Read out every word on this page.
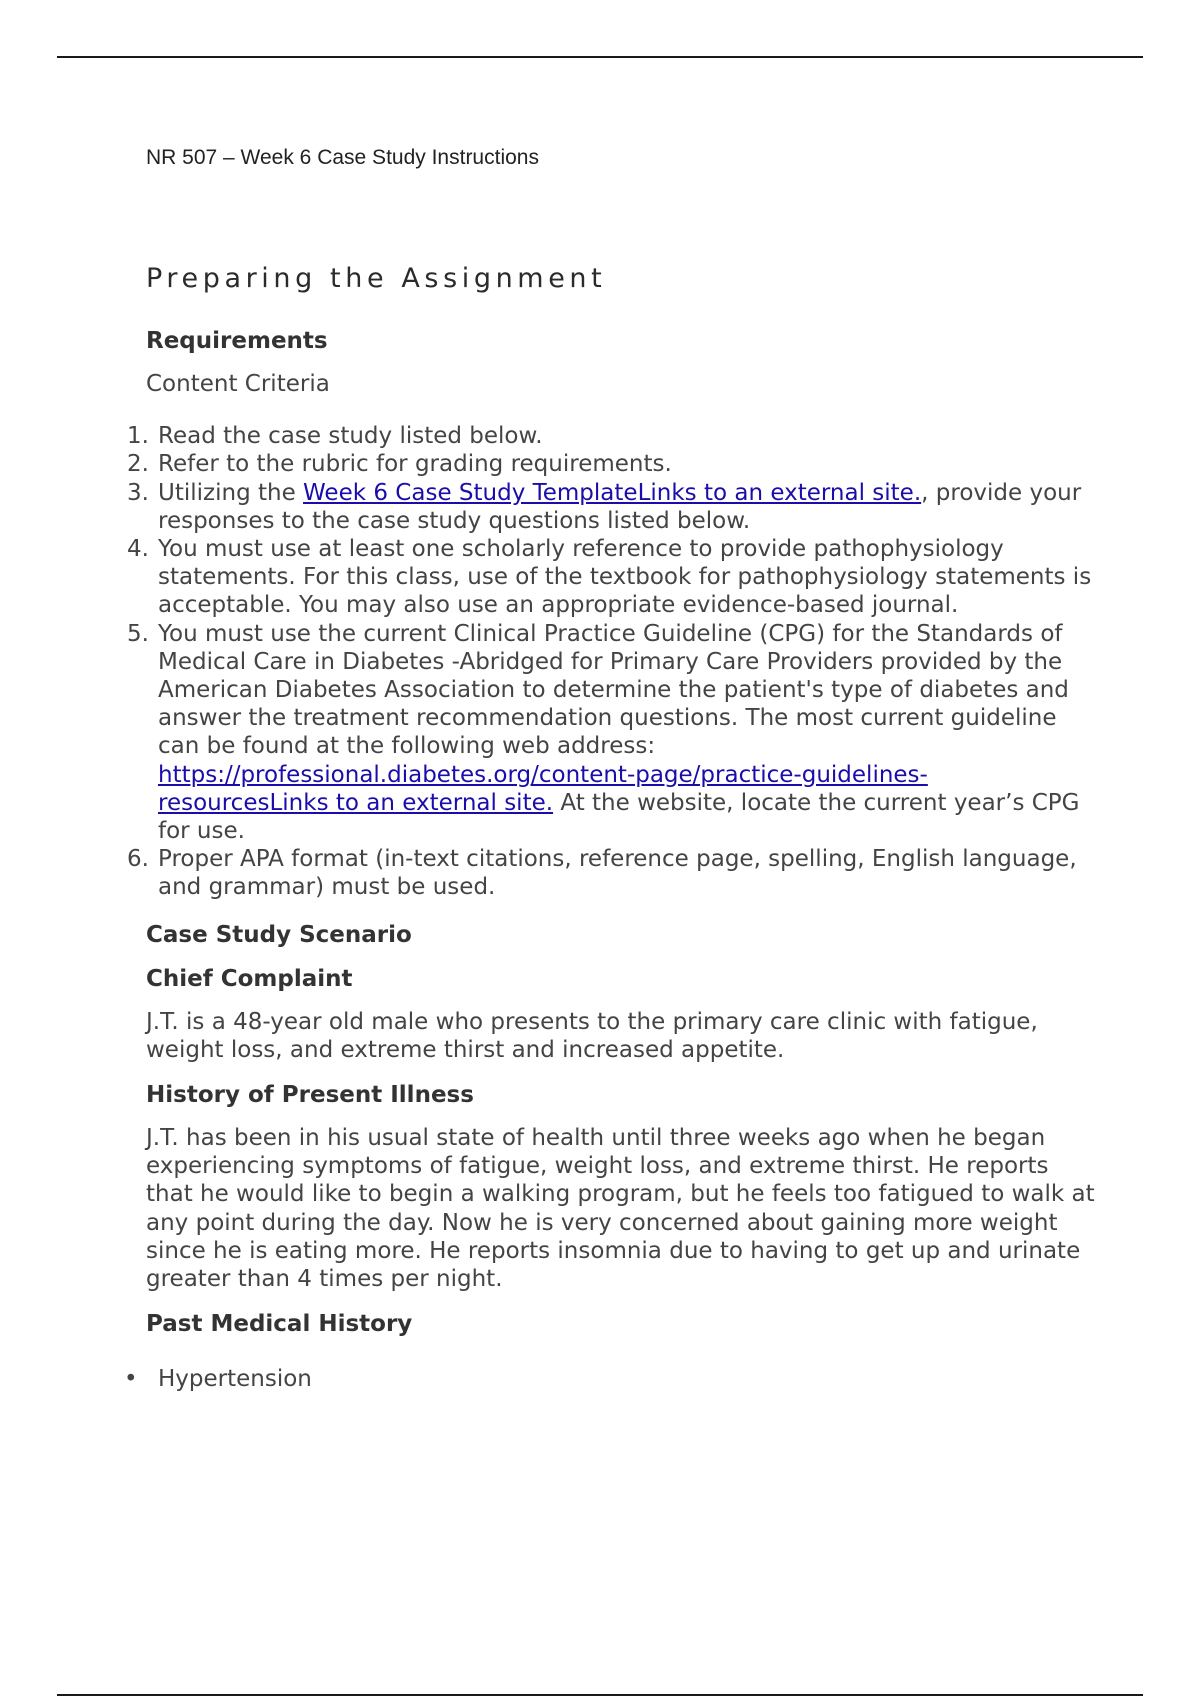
NR 507 – Week 6 Case Study Instructions

Preparing the Assignment
Requirements

Content Criteria

1. Read the case study listed below.
2. Refer to the rubric for grading requirements.
3. Utilizing the Week 6 Case Study TemplateLinks to an external site., provide your responses to the case study questions listed below.
4. You must use at least one scholarly reference to provide pathophysiology statements. For this class, use of the textbook for pathophysiology statements is acceptable. You may also use an appropriate evidence-based journal.
5. You must use the current Clinical Practice Guideline (CPG) for the Standards of Medical Care in Diabetes -Abridged for Primary Care Providers provided by the American Diabetes Association to determine the patient's type of diabetes and answer the treatment recommendation questions. The most current guideline can be found at the following web address: https://professional.diabetes.org/content-page/practice-guidelines-resourcesLinks to an external site. At the website, locate the current year’s CPG for use.
6. Proper APA format (in-text citations, reference page, spelling, English language, and grammar) must be used.
Case Study Scenario
Chief Complaint

J.T. is a 48-year old male who presents to the primary care clinic with fatigue, weight loss, and extreme thirst and increased appetite.

History of Present Illness

J.T. has been in his usual state of health until three weeks ago when he began experiencing symptoms of fatigue, weight loss, and extreme thirst. He reports that he would like to begin a walking program, but he feels too fatigued to walk at any point during the day. Now he is very concerned about gaining more weight since he is eating more. He reports insomnia due to having to get up and urinate greater than 4 times per night.

Past Medical History
• Hypertension
